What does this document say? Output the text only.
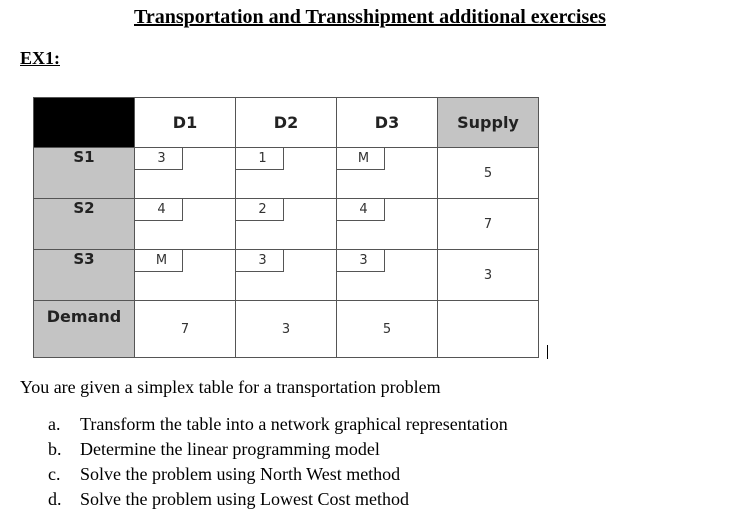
Transportation and Transshipment additional exercises
EX1:
	D1	D2	D3	Supply
S1	3	1	M	5
S2	4	2	4	7
S3	M	3	3	3
Demand	7	3	5	
You are given a simplex table for a transportation problem
a. Transform the table into a network graphical representation
b. Determine the linear programming model
c. Solve the problem using North West method
d. Solve the problem using Lowest Cost method
